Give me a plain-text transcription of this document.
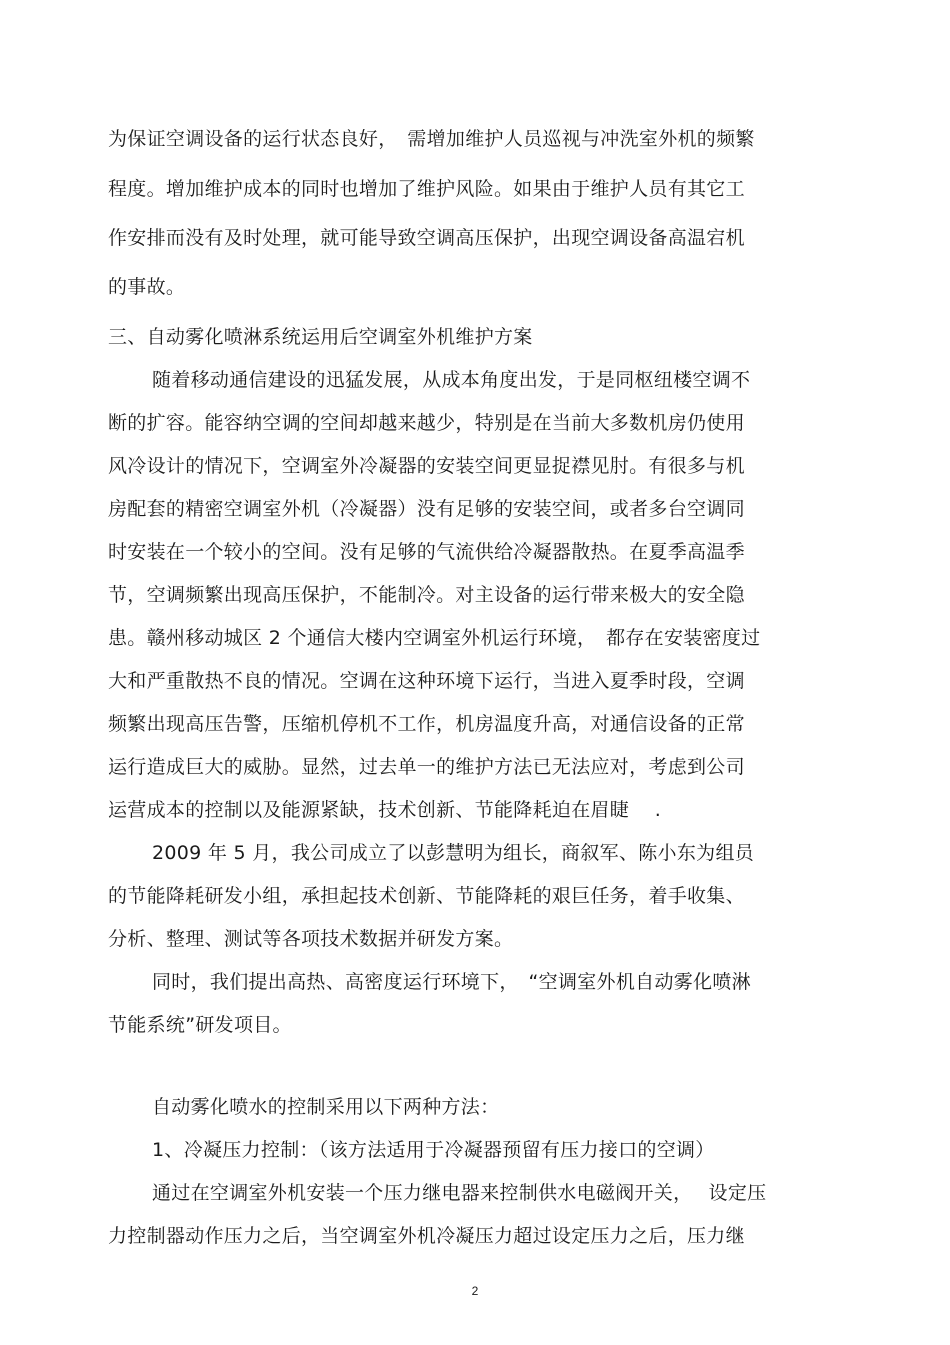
为保证空调设备的运行状态良好，　需增加维护人员巡视与冲洗室外机的频繁
程度。增加维护成本的同时也增加了维护风险。如果由于维护人员有其它工
作安排而没有及时处理，就可能导致空调高压保护，出现空调设备高温宕机
的事故。
三、自动雾化喷淋系统运用后空调室外机维护方案
随着移动通信建设的迅猛发展，从成本角度出发，于是同枢纽楼空调不
断的扩容。能容纳空调的空间却越来越少，特别是在当前大多数机房仍使用
风冷设计的情况下，空调室外冷凝器的安装空间更显捉襟见肘。有很多与机
房配套的精密空调室外机（冷凝器）没有足够的安装空间，或者多台空调同
时安装在一个较小的空间。没有足够的气流供给冷凝器散热。在夏季高温季
节，空调频繁出现高压保护，不能制冷。对主设备的运行带来极大的安全隐
患。赣州移动城区 2 个通信大楼内空调室外机运行环境，　都存在安装密度过
大和严重散热不良的情况。空调在这种环境下运行，当进入夏季时段，空调
频繁出现高压告警，压缩机停机不工作，机房温度升高，对通信设备的正常
运行造成巨大的威胁。显然，过去单一的维护方法已无法应对，考虑到公司
运营成本的控制以及能源紧缺，技术创新、节能降耗迫在眉睫　 .
2009 年 5 月，我公司成立了以彭慧明为组长，商叙军、陈小东为组员
的节能降耗研发小组，承担起技术创新、节能降耗的艰巨任务，着手收集、
分析、整理、测试等各项技术数据并研发方案。
同时，我们提出高热、高密度运行环境下，　“空调室外机自动雾化喷淋
节能系统”研发项目。
自动雾化喷水的控制采用以下两种方法：
1、冷凝压力控制：（该方法适用于冷凝器预留有压力接口的空调）
通过在空调室外机安装一个压力继电器来控制供水电磁阀开关，　 设定压
力控制器动作压力之后，当空调室外机冷凝压力超过设定压力之后，压力继
2
